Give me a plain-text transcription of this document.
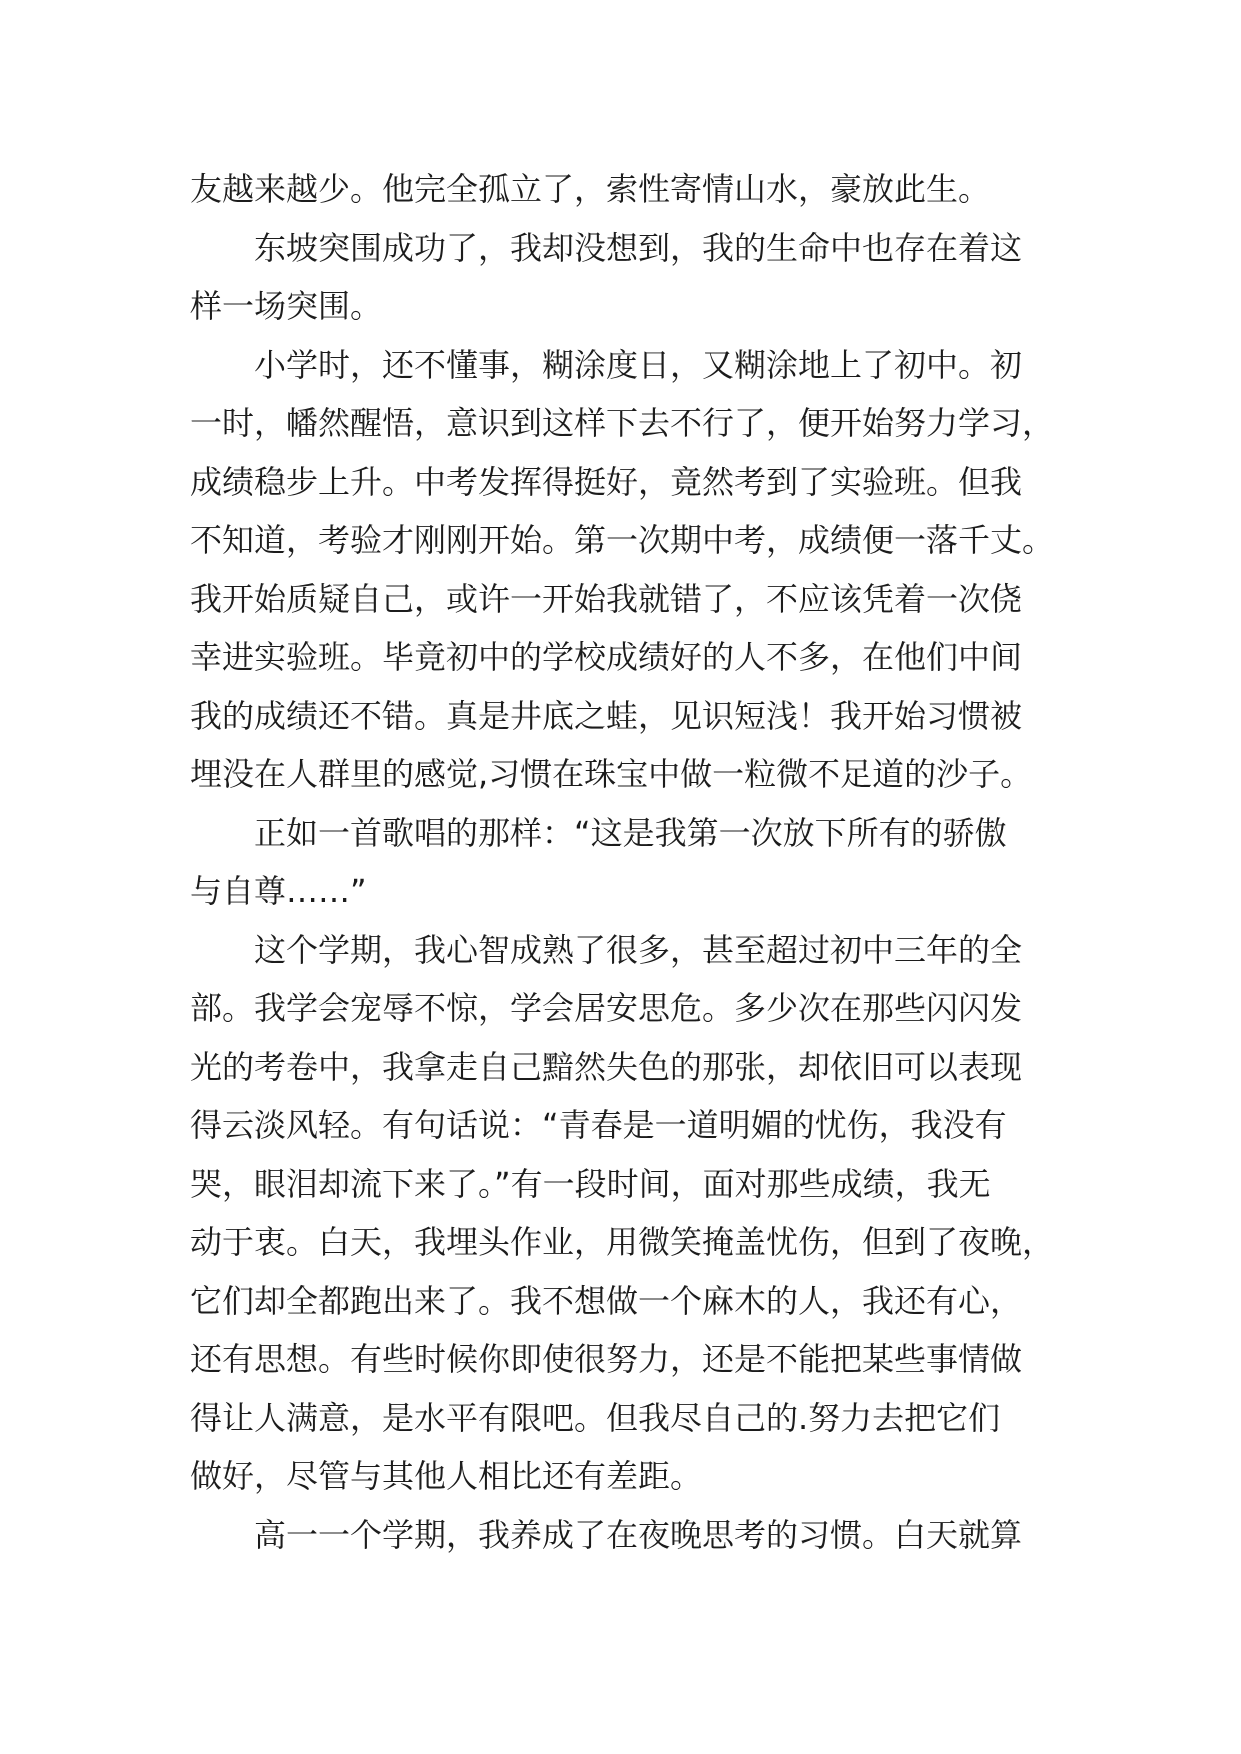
友越来越少。他完全孤立了，索性寄情山水，豪放此生。
东坡突围成功了，我却没想到，我的生命中也存在着这
样一场突围。
小学时，还不懂事，糊涂度日，又糊涂地上了初中。初
一时，幡然醒悟，意识到这样下去不行了，便开始努力学习，
成绩稳步上升。中考发挥得挺好，竟然考到了实验班。但我
不知道，考验才刚刚开始。第一次期中考，成绩便一落千丈。
我开始质疑自己，或许一开始我就错了，不应该凭着一次侥
幸进实验班。毕竟初中的学校成绩好的人不多，在他们中间
我的成绩还不错。真是井底之蛙，见识短浅！我开始习惯被
埋没在人群里的感觉,习惯在珠宝中做一粒微不足道的沙子。
正如一首歌唱的那样：“这是我第一次放下所有的骄傲
与自尊……”
这个学期，我心智成熟了很多，甚至超过初中三年的全
部。我学会宠辱不惊，学会居安思危。多少次在那些闪闪发
光的考卷中，我拿走自己黯然失色的那张，却依旧可以表现
得云淡风轻。有句话说：“青春是一道明媚的忧伤，我没有
哭，眼泪却流下来了。”有一段时间，面对那些成绩，我无
动于衷。白天，我埋头作业，用微笑掩盖忧伤，但到了夜晚，
它们却全都跑出来了。我不想做一个麻木的人，我还有心，
还有思想。有些时候你即使很努力，还是不能把某些事情做
得让人满意，是水平有限吧。但我尽自己的.努力去把它们
做好，尽管与其他人相比还有差距。
高一一个学期，我养成了在夜晚思考的习惯。白天就算
